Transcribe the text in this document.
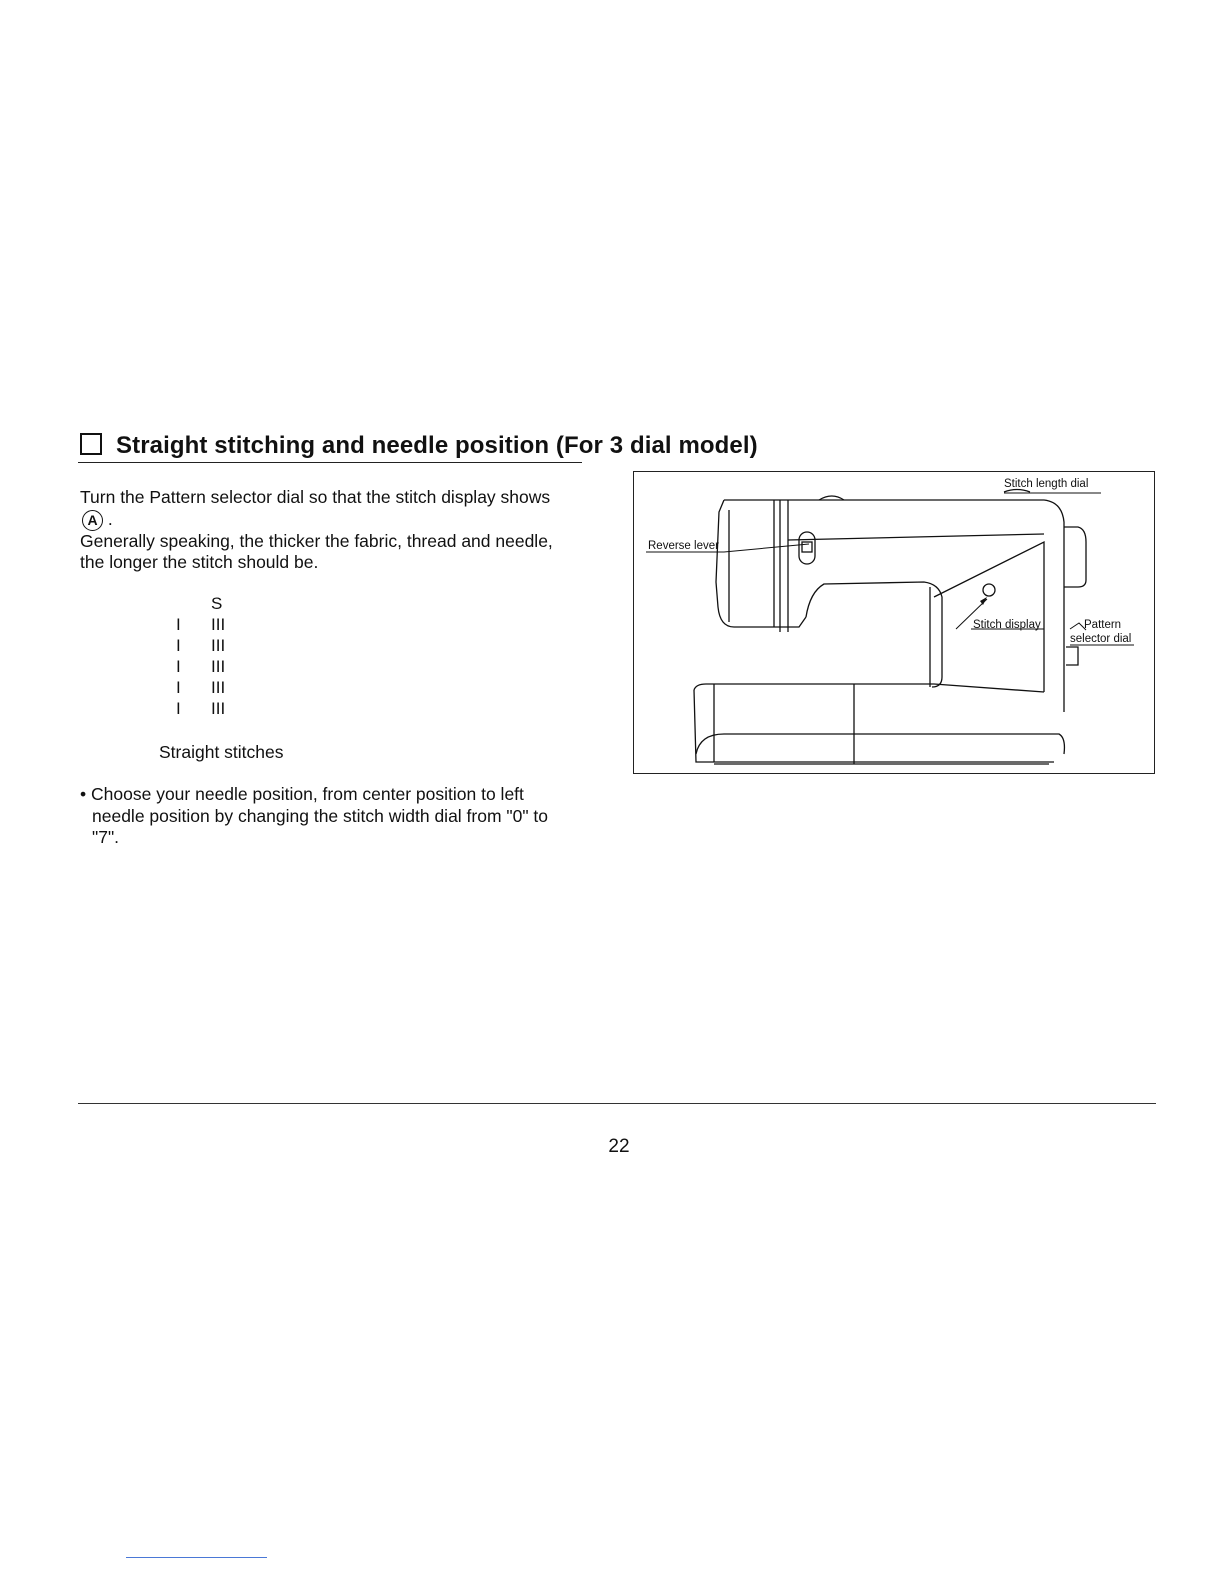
Straight stitching and needle position (For 3 dial model)
Turn the Pattern selector dial so that the stitch display shows
A .
Generally speaking, the thicker the fabric, thread and needle,
the longer the stitch should be.
S
I III
I III
I III
I III
I III
Straight stitches
• Choose your needle position, from center position to left
needle position by changing the stitch width dial from "0" to
"7".
Stitch length dial
Reverse lever
Stitch display	Pattern
selector dial
22
